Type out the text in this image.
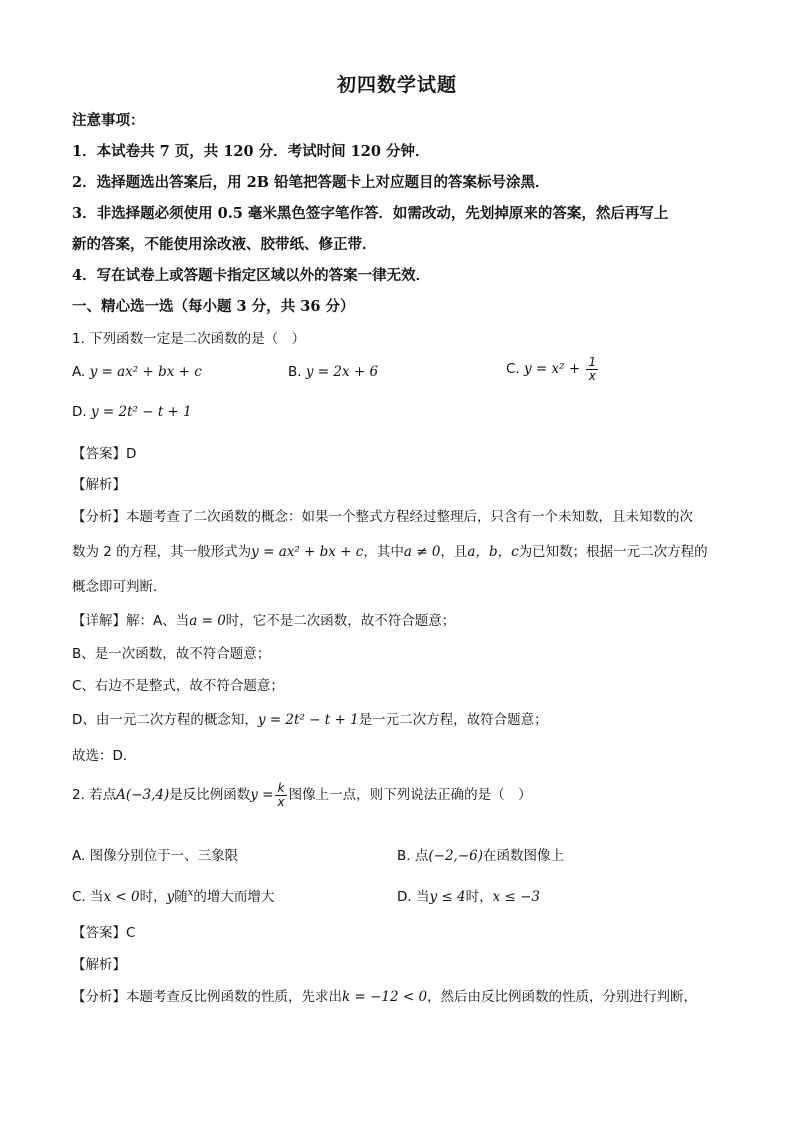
初四数学试题
注意事项：
1．本试卷共 7 页，共 120 分．考试时间 120 分钟．
2．选择题选出答案后，用 2B 铅笔把答题卡上对应题目的答案标号涂黑．
3．非选择题必须使用 0.5 毫米黑色签字笔作答．如需改动，先划掉原来的答案，然后再写上
新的答案，不能使用涂改液、胶带纸、修正带．
4．写在试卷上或答题卡指定区域以外的答案一律无效．
一、精心选一选（每小题 3 分，共 36 分）
1. 下列函数一定是二次函数的是（　）
A. y = ax² + bx + c	B. y = 2x + 6	C. $y = x^2 + \frac{1}{x}$
D. y = 2t² − t + 1
【答案】D
【解析】
【分析】本题考查了二次函数的概念：如果一个整式方程经过整理后，只含有一个未知数，且未知数的次
数为 2 的方程，其一般形式为y = ax² + bx + c，其中a ≠ 0，且a，b，c为已知数；根据一元二次方程的
概念即可判断．
【详解】解：A、当a = 0时，它不是二次函数，故不符合题意；
B、是一次函数，故不符合题意；
C、右边不是整式，故不符合题意；
D、由一元二次方程的概念知，y = 2t² − t + 1是一元二次方程，故符合题意；
故选：D．
2. 若点A(−3,4)是反比例函数$y = \frac{k}{x}$ 图像上一点，则下列说法正确的是（　）
A. 图像分别位于一、三象限	B. 点(−2,−6)在函数图像上
C. 当x < 0时，y随$^x$的增大而增大	D. 当y ≤ 4时，x ≤ −3
【答案】C
【解析】
【分析】本题考查反比例函数的性质，先求出k = −12 < 0，然后由反比例函数的性质，分别进行判断，
